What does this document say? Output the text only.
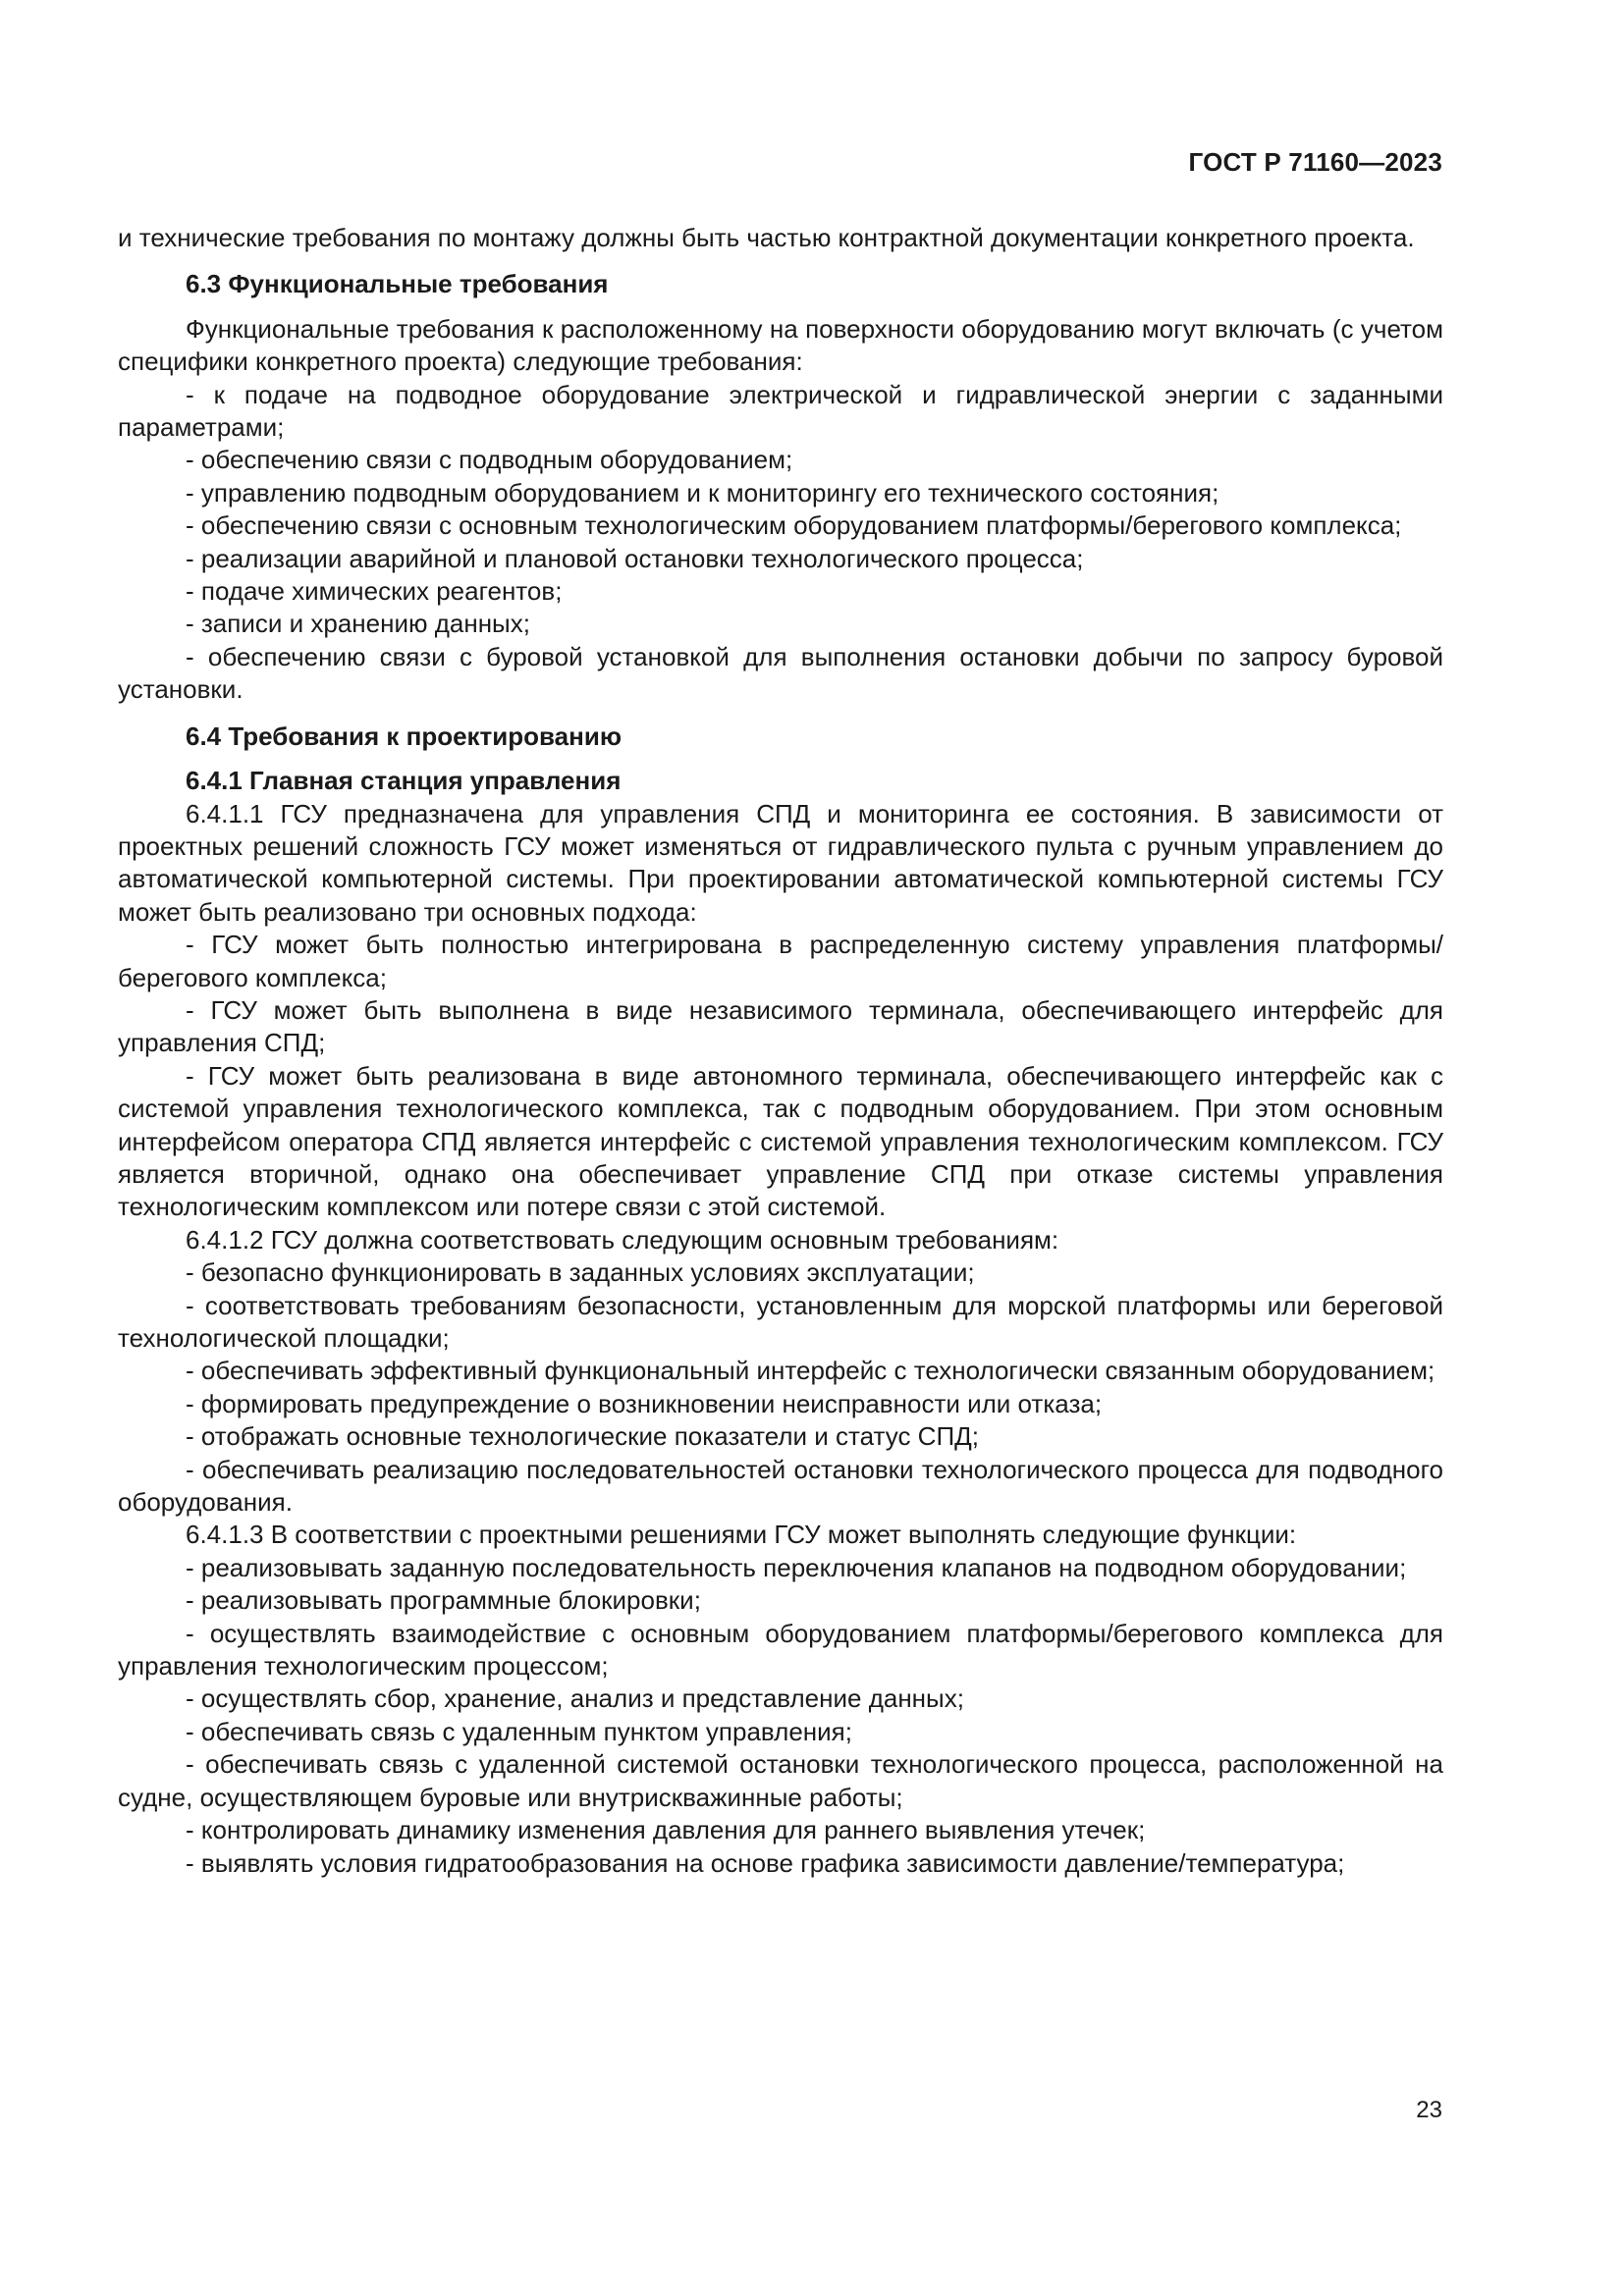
ГОСТ Р 71160—2023

и технические требования по монтажу должны быть частью контрактной документации конкретного проекта.

6.3 Функциональные требования

Функциональные требования к расположенному на поверхности оборудованию могут включать (с учетом специфики конкретного проекта) следующие требования:

- к подаче на подводное оборудование электрической и гидравлической энергии с заданными параметрами;

- обеспечению связи с подводным оборудованием;

- управлению подводным оборудованием и к мониторингу его технического состояния;

- обеспечению связи с основным технологическим оборудованием платформы/берегового комплекса;

- реализации аварийной и плановой остановки технологического процесса;

- подаче химических реагентов;

- записи и хранению данных;

- обеспечению связи с буровой установкой для выполнения остановки добычи по запросу буровой установки.

6.4 Требования к проектированию

6.4.1 Главная станция управления

6.4.1.1 ГСУ предназначена для управления СПД и мониторинга ее состояния. В зависимости от проектных решений сложность ГСУ может изменяться от гидравлического пульта с ручным управлением до автоматической компьютерной системы. При проектировании автоматической компьютерной системы ГСУ может быть реализовано три основных подхода:

- ГСУ может быть полностью интегрирована в распределенную систему управления платформы/берегового комплекса;

- ГСУ может быть выполнена в виде независимого терминала, обеспечивающего интерфейс для управления СПД;

- ГСУ может быть реализована в виде автономного терминала, обеспечивающего интерфейс как с системой управления технологического комплекса, так с подводным оборудованием. При этом основным интерфейсом оператора СПД является интерфейс с системой управления технологическим комплексом. ГСУ является вторичной, однако она обеспечивает управление СПД при отказе системы управления технологическим комплексом или потере связи с этой системой.

6.4.1.2 ГСУ должна соответствовать следующим основным требованиям:

- безопасно функционировать в заданных условиях эксплуатации;

- соответствовать требованиям безопасности, установленным для морской платформы или береговой технологической площадки;

- обеспечивать эффективный функциональный интерфейс с технологически связанным оборудованием;

- формировать предупреждение о возникновении неисправности или отказа;

- отображать основные технологические показатели и статус СПД;

- обеспечивать реализацию последовательностей остановки технологического процесса для подводного оборудования.

6.4.1.3 В соответствии с проектными решениями ГСУ может выполнять следующие функции:

- реализовывать заданную последовательность переключения клапанов на подводном оборудовании;

- реализовывать программные блокировки;

- осуществлять взаимодействие с основным оборудованием платформы/берегового комплекса для управления технологическим процессом;

- осуществлять сбор, хранение, анализ и представление данных;

- обеспечивать связь с удаленным пунктом управления;

- обеспечивать связь с удаленной системой остановки технологического процесса, расположенной на судне, осуществляющем буровые или внутрискважинные работы;

- контролировать динамику изменения давления для раннего выявления утечек;

- выявлять условия гидратообразования на основе графика зависимости давление/температура;

23
